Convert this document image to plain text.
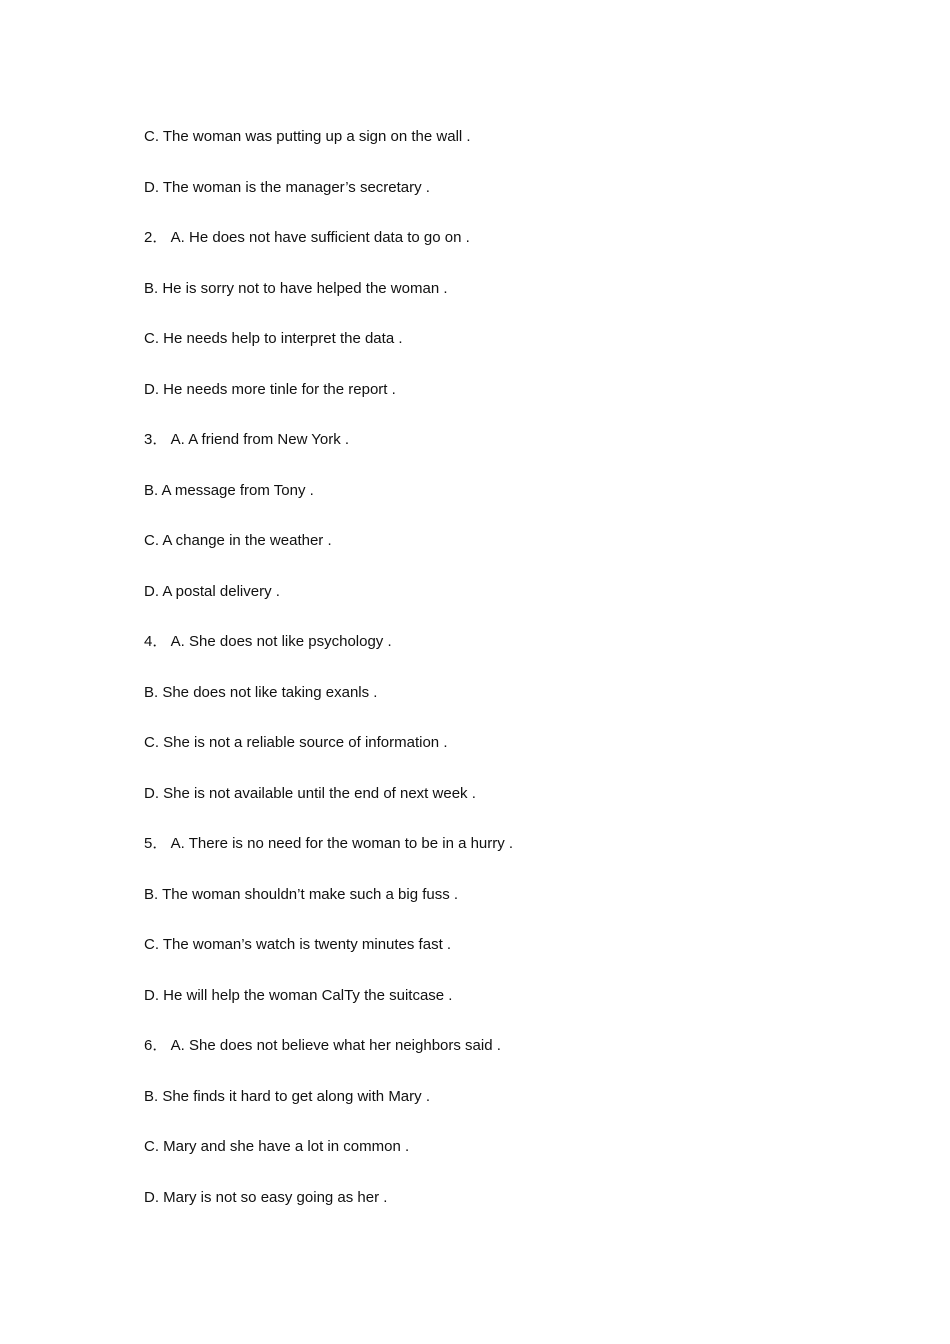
C. The woman was putting up a sign on the wall .
D. The woman is the manager’s secretary .
2． A. He does not have sufficient data to go on .
B. He is sorry not to have helped the woman .
C. He needs help to interpret the data .
D. He needs more tinle for the report .
3． A. A friend from New York .
B. A message from Tony .
C. A change in the weather .
D. A postal delivery .
4． A. She does not like psychology .
B. She does not like taking exanls .
C. She is not a reliable source of information .
D. She is not available until the end of next week .
5． A. There is no need for the woman to be in a hurry .
B. The woman shouldn’t make such a big fuss .
C. The woman’s watch is twenty minutes fast .
D. He will help the woman CalTy the suitcase .
6． A. She does not believe what her neighbors said .
B. She finds it hard to get along with Mary .
C. Mary and she have a lot in common .
D. Mary is not so easy going as her .
